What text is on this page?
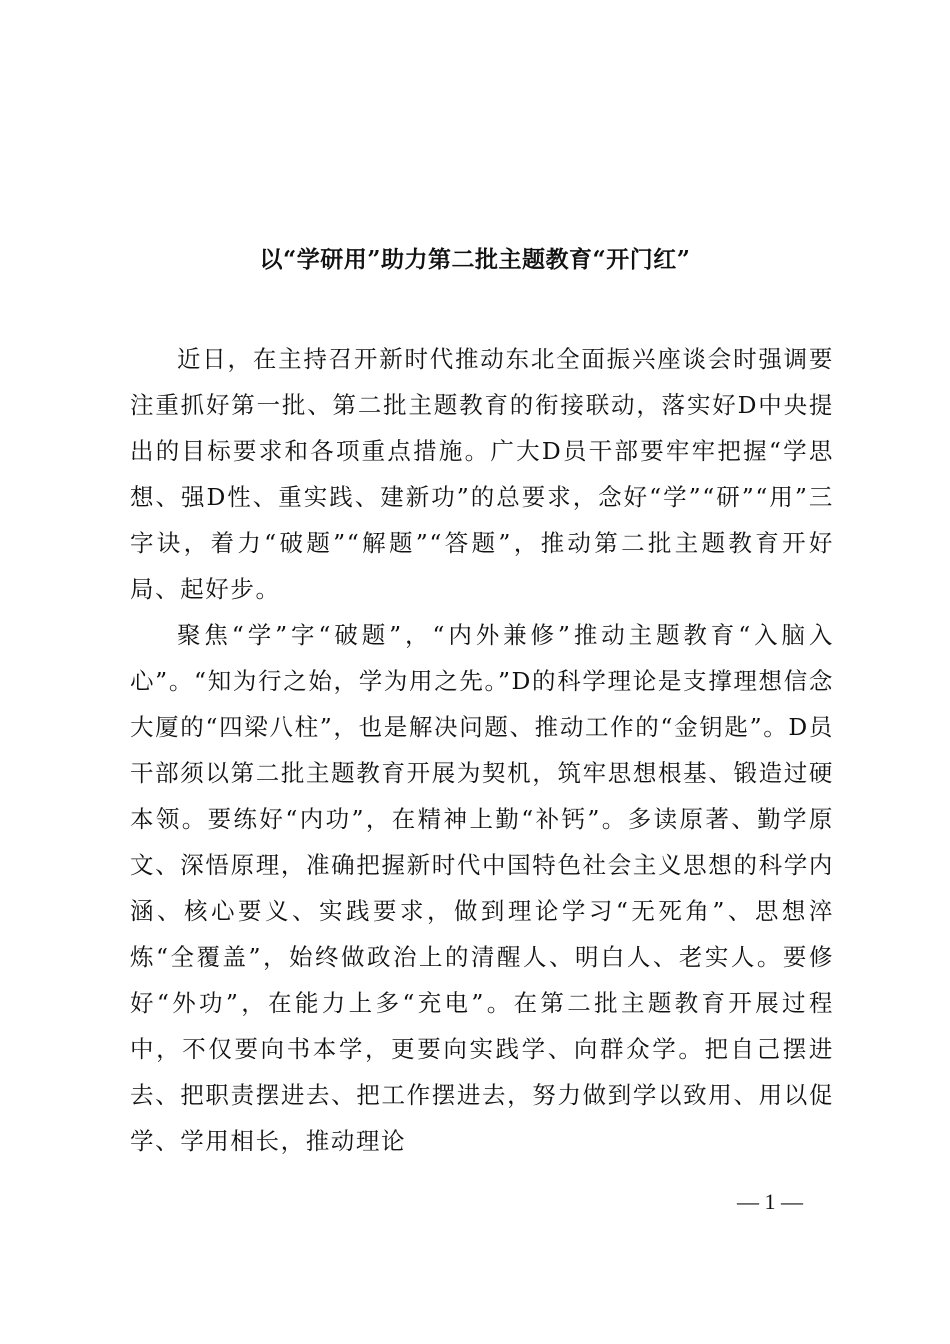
以“学研用”助力第二批主题教育“开门红”

近日，在主持召开新时代推动东北全面振兴座谈会时强调要注重抓好第一批、第二批主题教育的衔接联动，落实好D中央提出的目标要求和各项重点措施。广大D员干部要牢牢把握“学思想、强D性、重实践、建新功”的总要求，念好“学”“研”“用”三字诀，着力“破题”“解题”“答题”，推动第二批主题教育开好局、起好步。

聚焦“学”字“破题”，“内外兼修”推动主题教育“入脑入心”。“知为行之始，学为用之先。”D的科学理论是支撑理想信念大厦的“四梁八柱”，也是解决问题、推动工作的“金钥匙”。D员干部须以第二批主题教育开展为契机，筑牢思想根基、锻造过硬本领。要练好“内功”，在精神上勤“补钙”。多读原著、勤学原文、深悟原理，准确把握新时代中国特色社会主义思想的科学内涵、核心要义、实践要求，做到理论学习“无死角”、思想淬炼“全覆盖”，始终做政治上的清醒人、明白人、老实人。要修好“外功”，在能力上多“充电”。在第二批主题教育开展过程中，不仅要向书本学，更要向实践学、向群众学。把自己摆进去、把职责摆进去、把工作摆进去，努力做到学以致用、用以促学、学用相长，推动理论

— 1 —
